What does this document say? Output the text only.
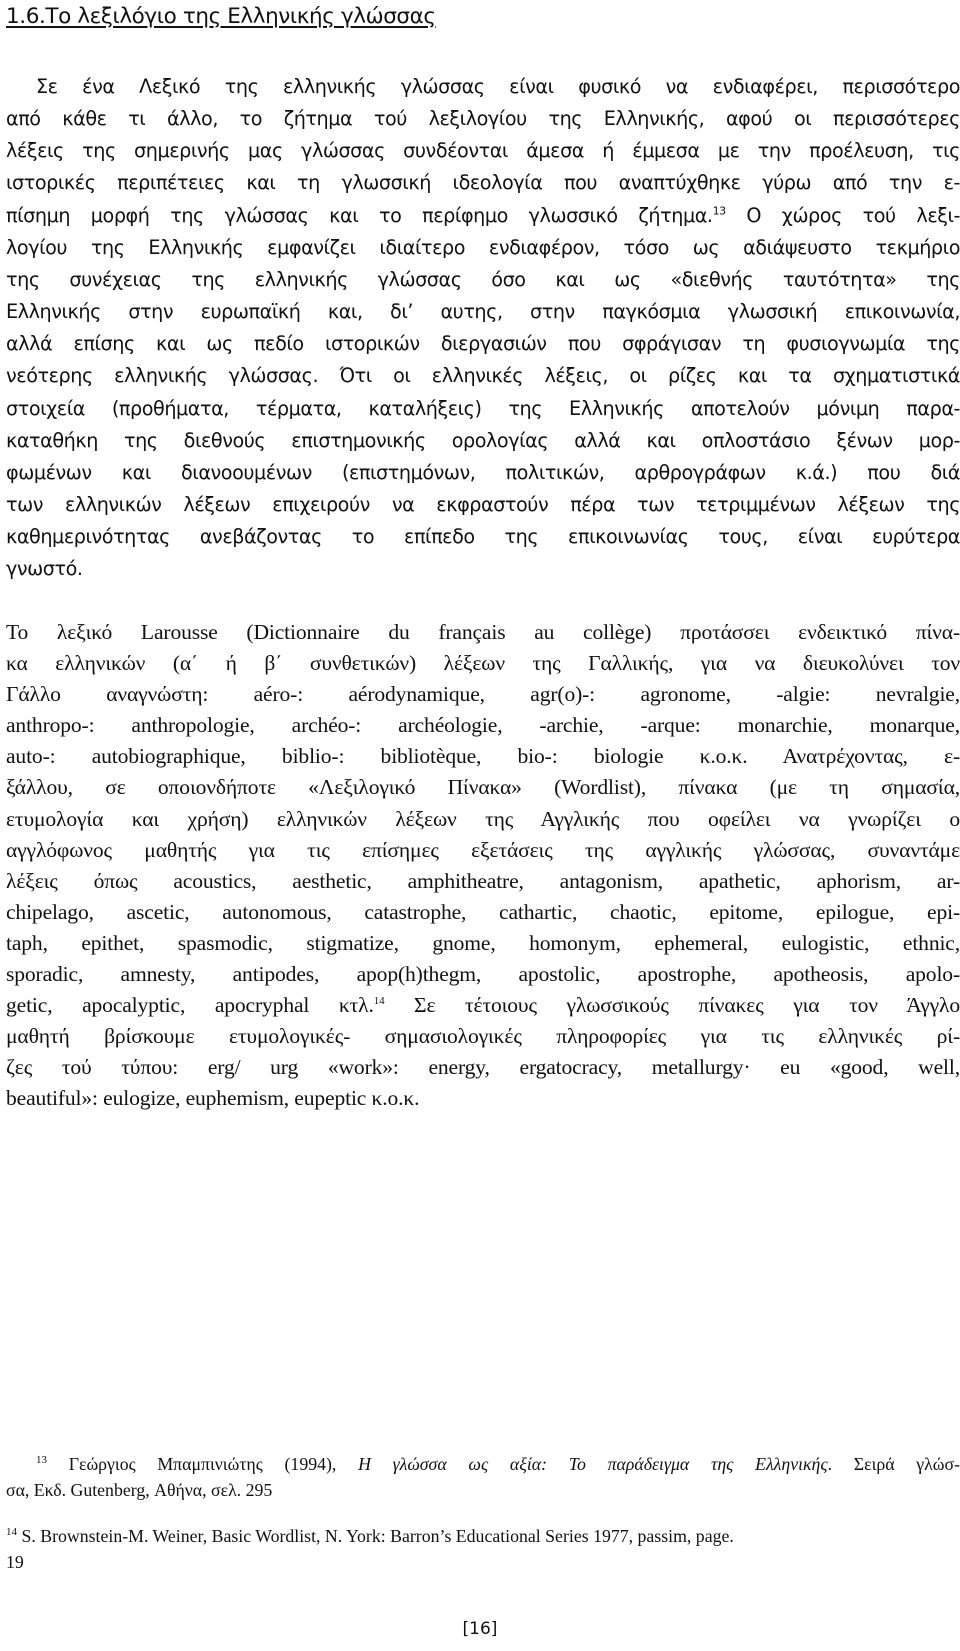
1.6.Το λεξιλόγιο της Ελληνικής γλώσσας
Σε ένα Λεξικό της ελληνικής γλώσσας είναι φυσικό να ενδιαφέρει, περισσότερο
από κάθε τι άλλο, το ζήτημα τού λεξιλογίου της Ελληνικής, αφού οι περισσότερες
λέξεις της σημερινής μας γλώσσας συνδέονται άμεσα ή έμμεσα με την προέλευση, τις
ιστορικές περιπέτειες και τη γλωσσική ιδεολογία που αναπτύχθηκε γύρω από την ε-
πίσημη μορφή της γλώσσας και το περίφημο γλωσσικό ζήτημα.$^{13}$ Ο χώρος τού λεξι-
λογίου της Ελληνικής εμφανίζει ιδιαίτερο ενδιαφέρον, τόσο ως αδιάψευστο τεκμήριο
της συνέχειας της ελληνικής γλώσσας όσο και ως «διεθνής ταυτότητα» της
Ελληνικής στην ευρωπαϊκή και, δι’ αυτης, στην παγκόσμια γλωσσική επικοινωνία,
αλλά επίσης και ως πεδίο ιστορικών διεργασιών που σφράγισαν τη φυσιογνωμία της
νεότερης ελληνικής γλώσσας. Ότι οι ελληνικές λέξεις, οι ρίζες και τα σχηματιστικά
στοιχεία (προθήματα, τέρματα, καταλήξεις) της Ελληνικής αποτελούν μόνιμη παρα-
καταθήκη της διεθνούς επιστημονικής ορολογίας αλλά και οπλοστάσιο ξένων μορ-
φωμένων και διανοουμένων (επιστημόνων, πολιτικών, αρθρογράφων κ.ά.) που διά
των ελληνικών λέξεων επιχειρούν να εκφραστούν πέρα των τετριμμένων λέξεων της
καθημερινότητας ανεβάζοντας το επίπεδο της επικοινωνίας τους, είναι ευρύτερα
γνωστό.
Το λεξικό Larousse (Dictionnaire du français au collège) προτάσσει ενδεικτικό πίνα-
κα ελληνικών (α΄ ή β΄ συνθετικών) λέξεων της Γαλλικής, για να διευκολύνει τον
Γάλλο αναγνώστη: aéro-: aérodynamique, agr(o)-: agronome, -algie: nevralgie,
anthropo-: anthropologie, archéo-: archéologie, -archie, -arque: monarchie, monarque,
auto-: autobiographique, biblio-: bibliotèque, bio-: biologie κ.ο.κ. Ανατρέχοντας, ε-
ξάλλου, σε οποιονδήποτε «Λεξιλογικό Πίνακα» (Wordlist), πίνακα (με τη σημασία,
ετυμολογία και χρήση) ελληνικών λέξεων της Αγγλικής που οφείλει να γνωρίζει ο
αγγλόφωνος μαθητής για τις επίσημες εξετάσεις της αγγλικής γλώσσας, συναντάμε
λέξεις όπως acoustics, aesthetic, amphitheatre, antagonism, apathetic, aphorism, ar-
chipelago, ascetic, autonomous, catastrophe, cathartic, chaotic, epitome, epilogue, epi-
taph, epithet, spasmodic, stigmatize, gnome, homonym, ephemeral, eulogistic, ethnic,
sporadic, amnesty, antipodes, apop(h)thegm, apostolic, apostrophe, apotheosis, apolo-
getic, apocalyptic, apocryphal κτλ.$^{14}$ Σε τέτοιους γλωσσικούς πίνακες για τον Άγγλο
μαθητή βρίσκουμε ετυμολογικές- σημασιολογικές πληροφορίες για τις ελληνικές ρί-
ζες τού τύπου: erg/ urg «work»: energy, ergatocracy, metallurgy· eu «good, well,
beautiful»: eulogize, euphemism, eupeptic κ.ο.κ.
$^{13}$ Γεώργιος Μπαμπινιώτης (1994), Η γλώσσα ως αξία: Το παράδειγμα της Ελληνικής. Σειρά γλώσ-
σα, Εκδ. Gutenberg, Αθήνα, σελ. 295
$^{14}$ S. Brownstein-M. Weiner, Basic Wordlist, N. York: Barron’s Educational Series 1977, passim, page.
19
[16]
